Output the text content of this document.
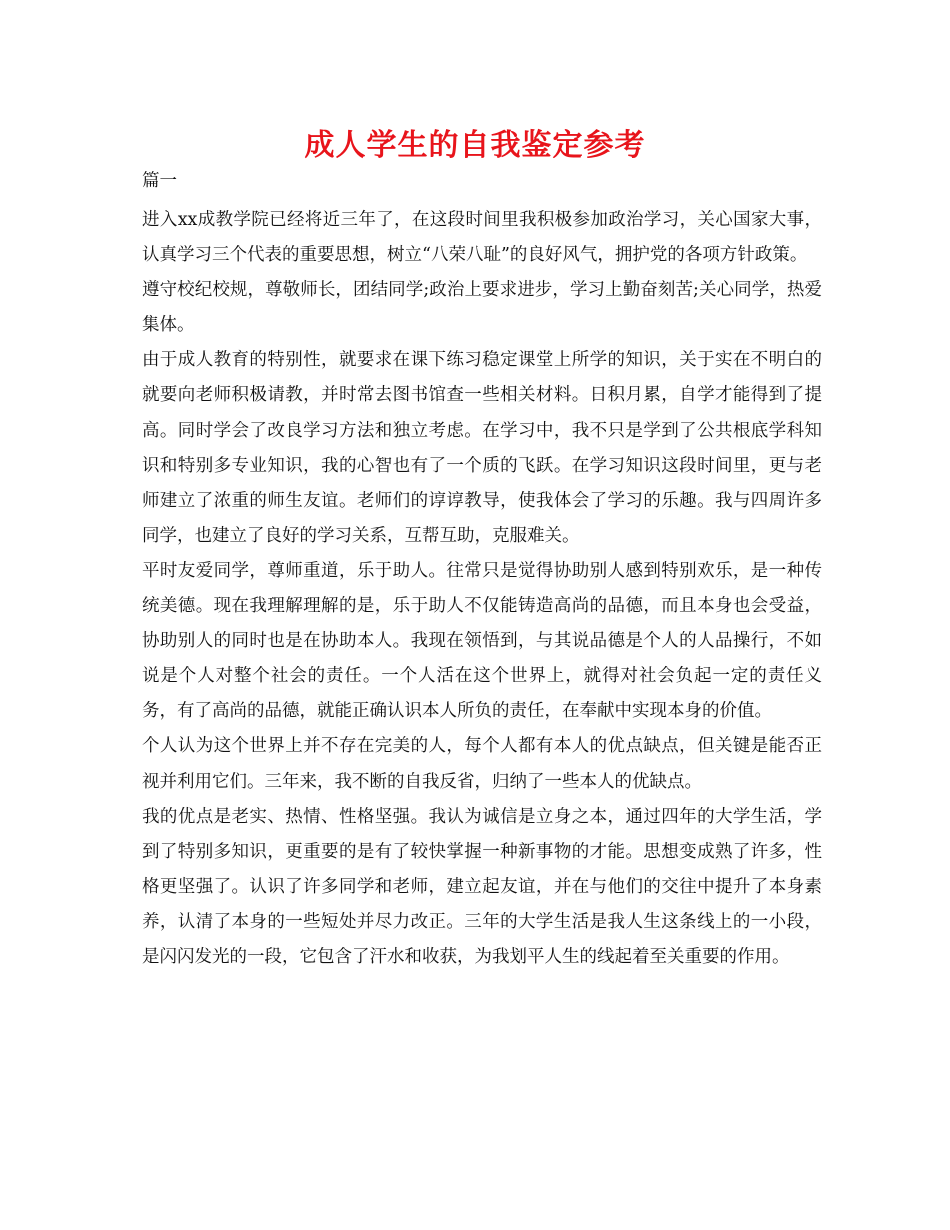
成人学生的自我鉴定参考

篇一

进入xx成教学院已经将近三年了，在这段时间里我积极参加政治学习，关心国家大事，认真学习三个代表的重要思想，树立“八荣八耻”的良好风气，拥护党的各项方针政策。

遵守校纪校规，尊敬师长，团结同学;政治上要求进步，学习上勤奋刻苦;关心同学，热爱集体。

由于成人教育的特别性，就要求在课下练习稳定课堂上所学的知识，关于实在不明白的就要向老师积极请教，并时常去图书馆查一些相关材料。日积月累，自学才能得到了提高。同时学会了改良学习方法和独立考虑。在学习中，我不只是学到了公共根底学科知识和特别多专业知识，我的心智也有了一个质的飞跃。在学习知识这段时间里，更与老师建立了浓重的师生友谊。老师们的谆谆教导，使我体会了学习的乐趣。我与四周许多同学，也建立了良好的学习关系，互帮互助，克服难关。

平时友爱同学，尊师重道，乐于助人。往常只是觉得协助别人感到特别欢乐，是一种传统美德。现在我理解理解的是，乐于助人不仅能铸造高尚的品德，而且本身也会受益，协助别人的同时也是在协助本人。我现在领悟到，与其说品德是个人的人品操行，不如说是个人对整个社会的责任。一个人活在这个世界上，就得对社会负起一定的责任义务，有了高尚的品德，就能正确认识本人所负的责任，在奉献中实现本身的价值。

个人认为这个世界上并不存在完美的人，每个人都有本人的优点缺点，但关键是能否正视并利用它们。三年来，我不断的自我反省，归纳了一些本人的优缺点。

我的优点是老实、热情、性格坚强。我认为诚信是立身之本，通过四年的大学生活，学到了特别多知识，更重要的是有了较快掌握一种新事物的才能。思想变成熟了许多，性格更坚强了。认识了许多同学和老师，建立起友谊，并在与他们的交往中提升了本身素养，认清了本身的一些短处并尽力改正。三年的大学生活是我人生这条线上的一小段，是闪闪发光的一段，它包含了汗水和收获，为我划平人生的线起着至关重要的作用。
